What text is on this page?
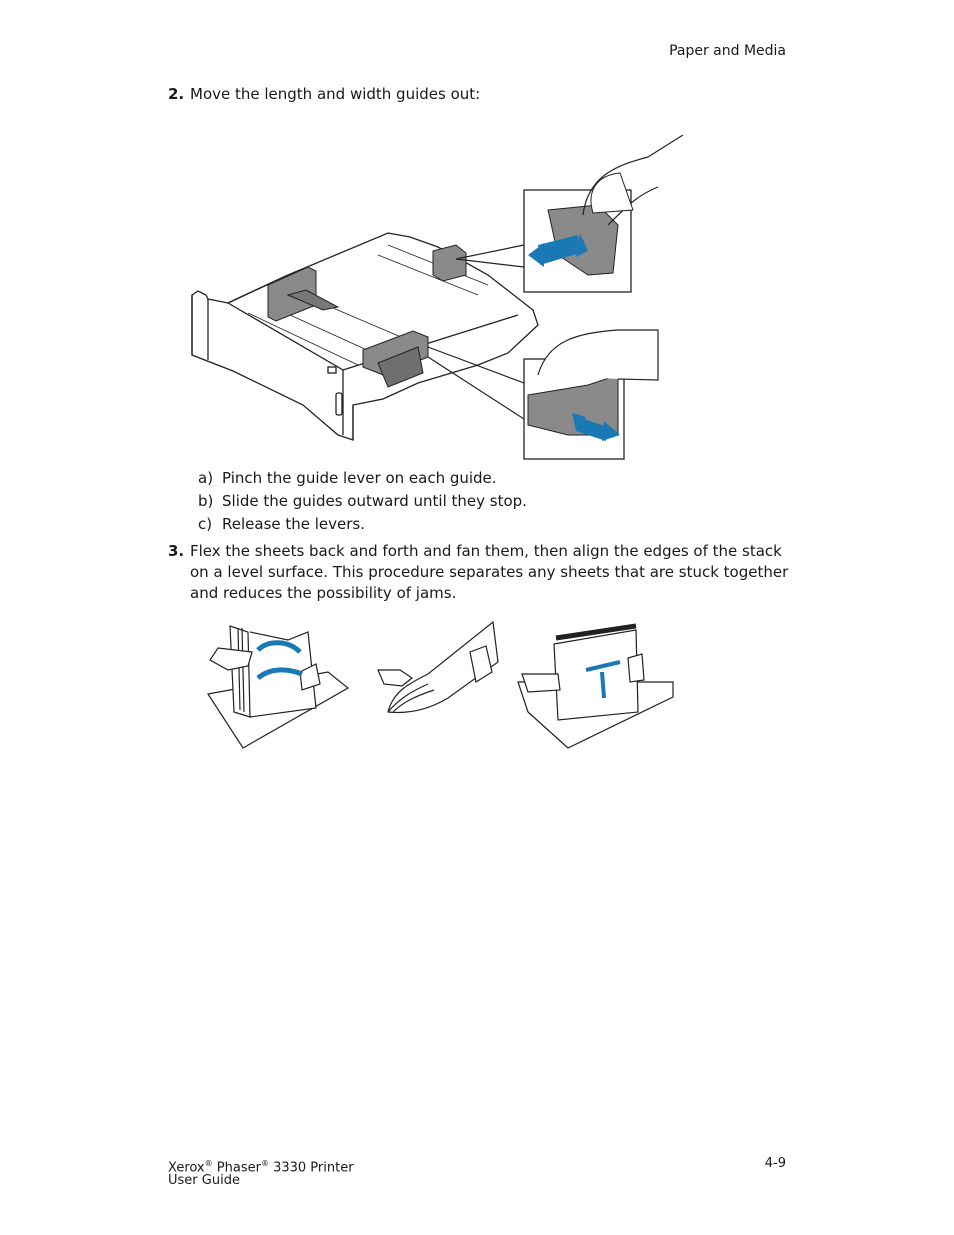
Paper and Media
2. Move the length and width guides out:
a) Pinch the guide lever on each guide.
b) Slide the guides outward until they stop.
c) Release the levers.
3. Flex the sheets back and forth and fan them, then align the edges of the stack on a level surface. This procedure separates any sheets that are stuck together and reduces the possibility of jams.
Xerox® Phaser® 3330 Printer
User Guide
4-9
